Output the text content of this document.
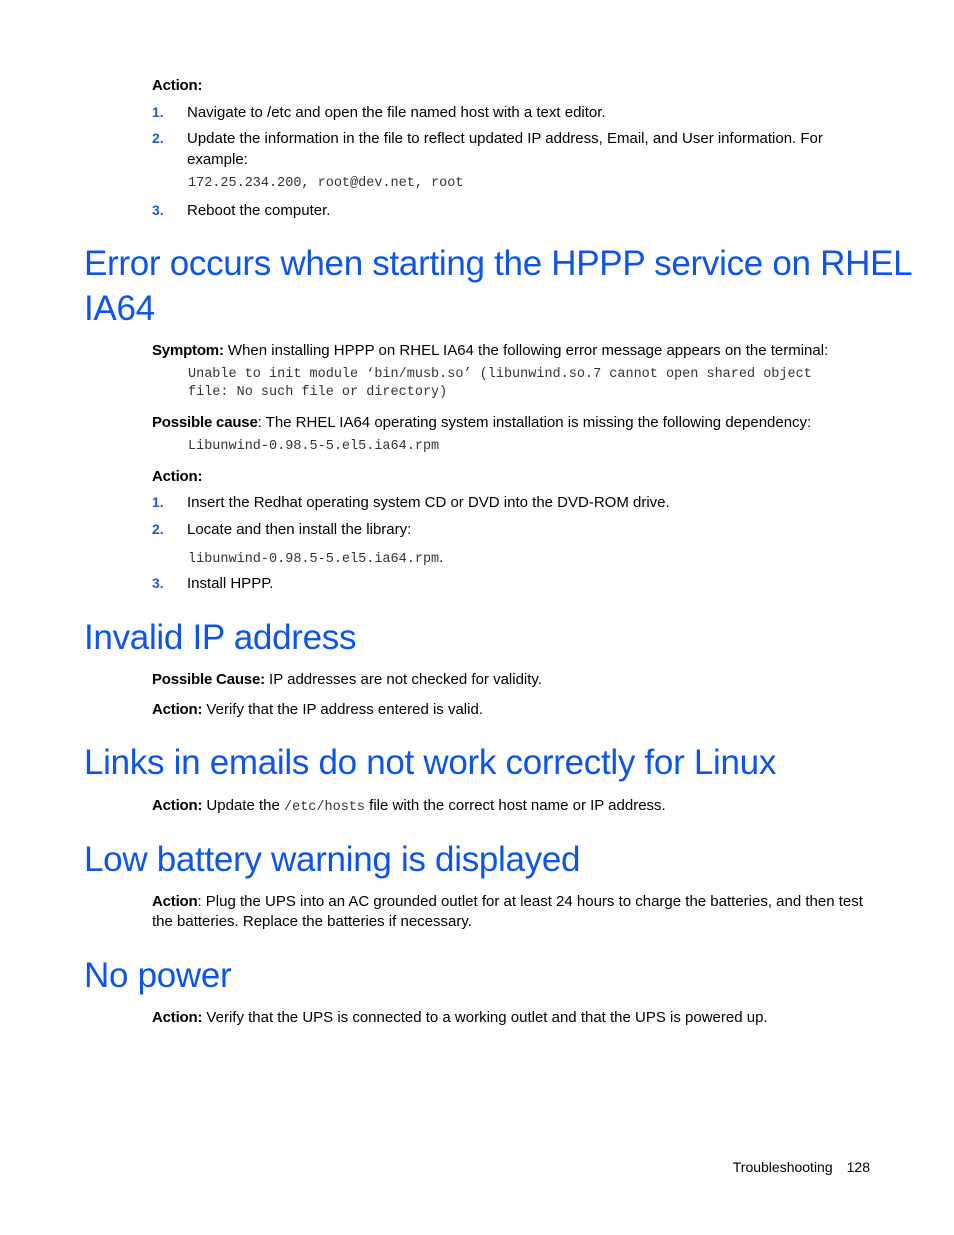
Action:
1. Navigate to /etc and open the file named host with a text editor.
2. Update the information in the file to reflect updated IP address, Email, and User information. For
example:
172.25.234.200, root@dev.net, root
3. Reboot the computer.
Error occurs when starting the HPPP service on RHEL
IA64
Symptom: When installing HPPP on RHEL IA64 the following error message appears on the terminal:
Unable to init module ‘bin/musb.so’ (libunwind.so.7 cannot open shared object
file: No such file or directory)
Possible cause: The RHEL IA64 operating system installation is missing the following dependency:
Libunwind-0.98.5-5.el5.ia64.rpm
Action:
1. Insert the Redhat operating system CD or DVD into the DVD-ROM drive.
2. Locate and then install the library:
libunwind-0.98.5-5.el5.ia64.rpm.
3. Install HPPP.
Invalid IP address
Possible Cause: IP addresses are not checked for validity.
Action: Verify that the IP address entered is valid.
Links in emails do not work correctly for Linux
Action: Update the /etc/hosts file with the correct host name or IP address.
Low battery warning is displayed
Action: Plug the UPS into an AC grounded outlet for at least 24 hours to charge the batteries, and then test
the batteries. Replace the batteries if necessary.
No power
Action: Verify that the UPS is connected to a working outlet and that the UPS is powered up.
Troubleshooting 128
